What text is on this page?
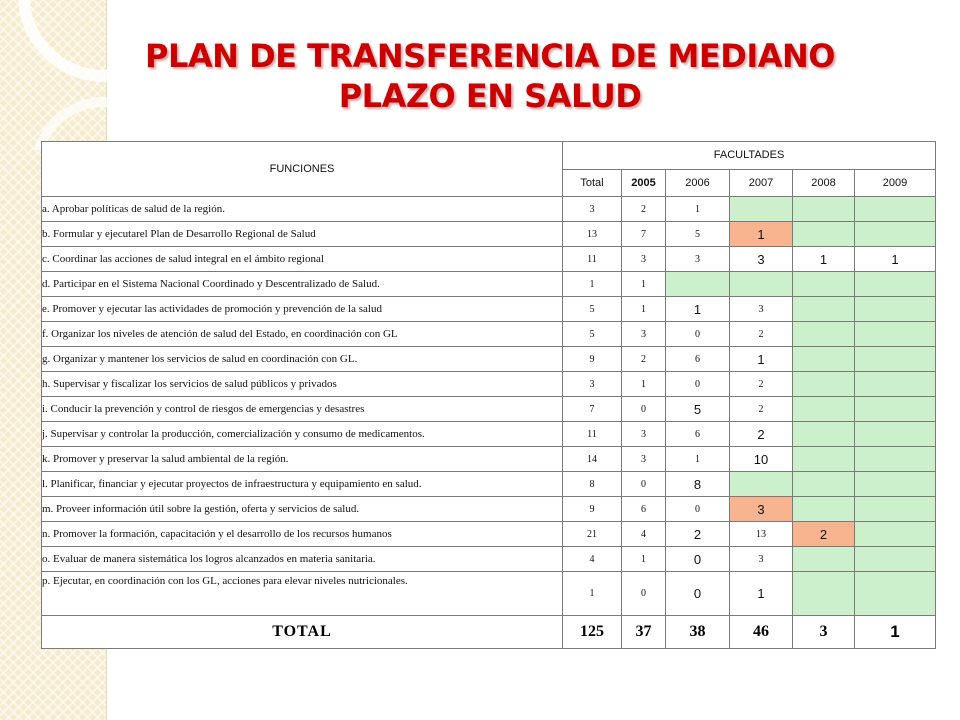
PLAN DE TRANSFERENCIA DE MEDIANO
PLAZO EN SALUD
FUNCIONES	FACULTADES					
	Total	2005	2006	2007	2008	2009
a. Aprobar políticas de salud de la región.	3	2	1			
b. Formular y ejecutarel Plan de Desarrollo Regional de Salud	13	7	5	1		
c. Coordinar las acciones de salud integral en el ámbito regional	11	3	3	3	1	1
d. Participar en el Sistema Nacional Coordinado y Descentralizado de Salud.	1	1				
e. Promover y ejecutar las actividades de promoción y prevención de la salud	5	1	1	3		
f. Organizar los niveles de atención de salud del Estado, en coordinación con GL	5	3	0	2		
g. Organizar y mantener los servicios de salud en coordinación con GL.	9	2	6	1		
h. Supervisar y fiscalizar los servicios de salud públicos y privados	3	1	0	2		
i. Conducir la prevención y control de riesgos de emergencias y desastres	7	0	5	2		
j. Supervisar y controlar la producción, comercialización y consumo de medicamentos.	11	3	6	2		
k. Promover y preservar la salud ambiental de la región.	14	3	1	10		
l. Planificar, financiar y ejecutar proyectos de infraestructura y equipamiento en salud.	8	0	8			
m. Proveer información útil sobre la gestión, oferta y servicios de salud.	9	6	0	3		
n. Promover la formación, capacitación y el desarrollo de los recursos humanos	21	4	2	13	2	
o. Evaluar de manera sistemática los logros alcanzados en materia sanitaria.	4	1	0	3		
p. Ejecutar, en coordinación con los GL, acciones para elevar niveles nutricionales.	1	0	0	1		
TOTAL	125	37	38	46	3	1
